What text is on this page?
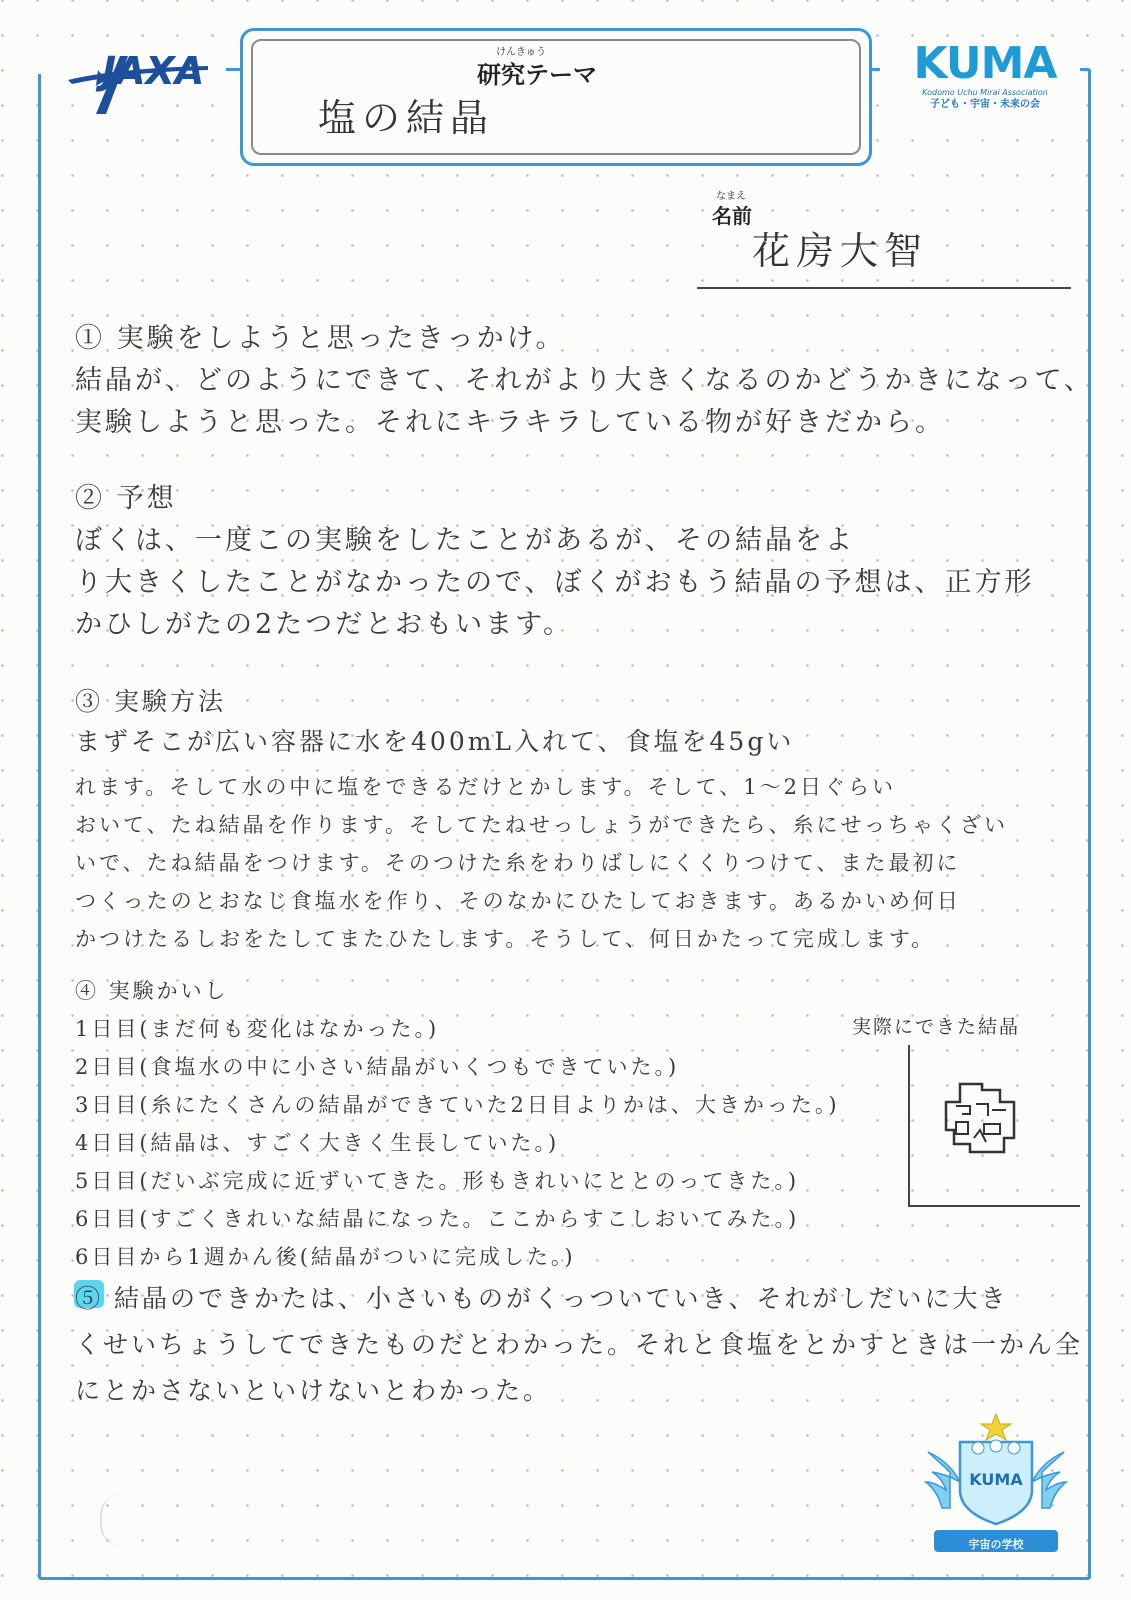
JAXA	KUMA
Kodomo Uchu Mirai Association
子ども・宇宙・未来の会
けんきゅう
研究テーマ
塩の結晶
なまえ
名前
花房大智
① 実験をしようと思ったきっかけ。
結晶が、どのようにできて、それがより大きくなるのかどうかきになって、
実験しようと思った。それにキラキラしている物が好きだから。
② 予想
ぼくは、一度この実験をしたことがあるが、その結晶をよ
り大きくしたことがなかったので、ぼくがおもう結晶の予想は、正方形
かひしがたの2たつだとおもいます。
③ 実験方法
まずそこが広い容器に水を400mL入れて、食塩を45gい
れます。そして水の中に塩をできるだけとかします。そして、1〜2日ぐらい
おいて、たね結晶を作ります。そしてたねせっしょうができたら、糸にせっちゃくざい
いで、たね結晶をつけます。そのつけた糸をわりばしにくくりつけて、また最初に
つくったのとおなじ食塩水を作り、そのなかにひたしておきます。あるかいめ何日
かつけたるしおをたしてまたひたします。そうして、何日かたって完成します。
④ 実験かいし
1日目(まだ何も変化はなかった。)
2日目(食塩水の中に小さい結晶がいくつもできていた。)
3日目(糸にたくさんの結晶ができていた2日目よりかは、大きかった。)
4日目(結晶は、すごく大きく生長していた。)
5日目(だいぶ完成に近ずいてきた。形もきれいにととのってきた。)
6日目(すごくきれいな結晶になった。ここからすこしおいてみた。)
6日目から1週かん後(結晶がついに完成した。)
実際にできた結晶
⑤ 結晶のできかたは、小さいものがくっついていき、それがしだいに大き
くせいちょうしてできたものだとわかった。それと食塩をとかすときは一かん全
にとかさないといけないとわかった。
KUMA
宇宙の学校
